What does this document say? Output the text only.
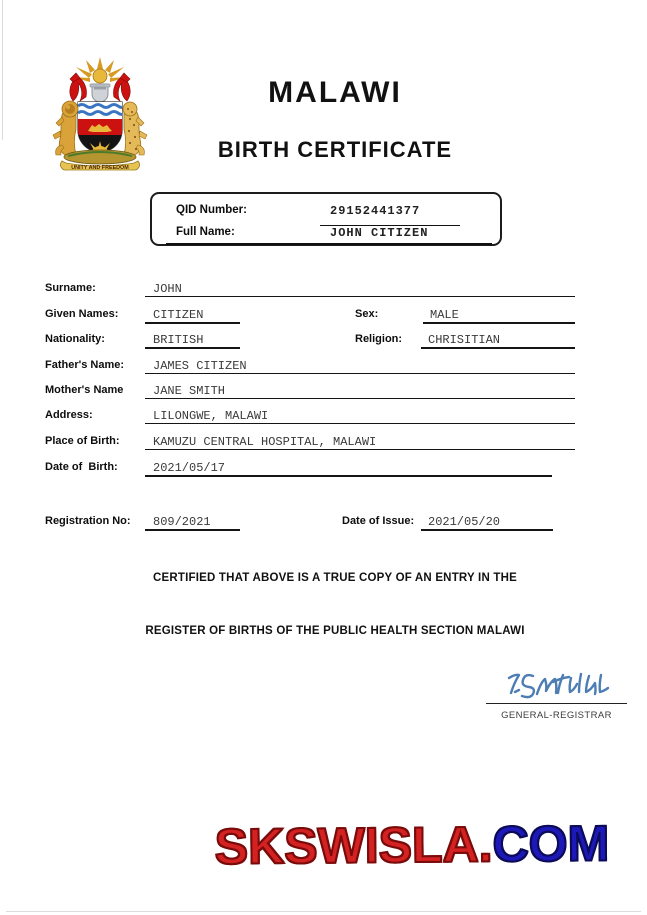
UNITY AND FREEDOM
MALAWI
BIRTH CERTIFICATE
QID Number:	29152441377
Full Name:	JOHN CITIZEN
Surname:	JOHN
Given Names:	CITIZEN	Sex:	MALE
Nationality:	BRITISH	Religion: CHRISITIAN
Father's Name: JAMES CITIZEN
Mother's Name JANE SMITH
Address:	LILONGWE, MALAWI
Place of Birth:	KAMUZU CENTRAL HOSPITAL, MALAWI
Date of  Birth:	2021/05/17
Registration No: 809/2021	Date of Issue: 2021/05/20
CERTIFIED THAT ABOVE IS A TRUE COPY OF AN ENTRY IN THE
REGISTER OF BIRTHS OF THE PUBLIC HEALTH SECTION MALAWI
GENERAL-REGISTRAR
SKSWISLA.COM
